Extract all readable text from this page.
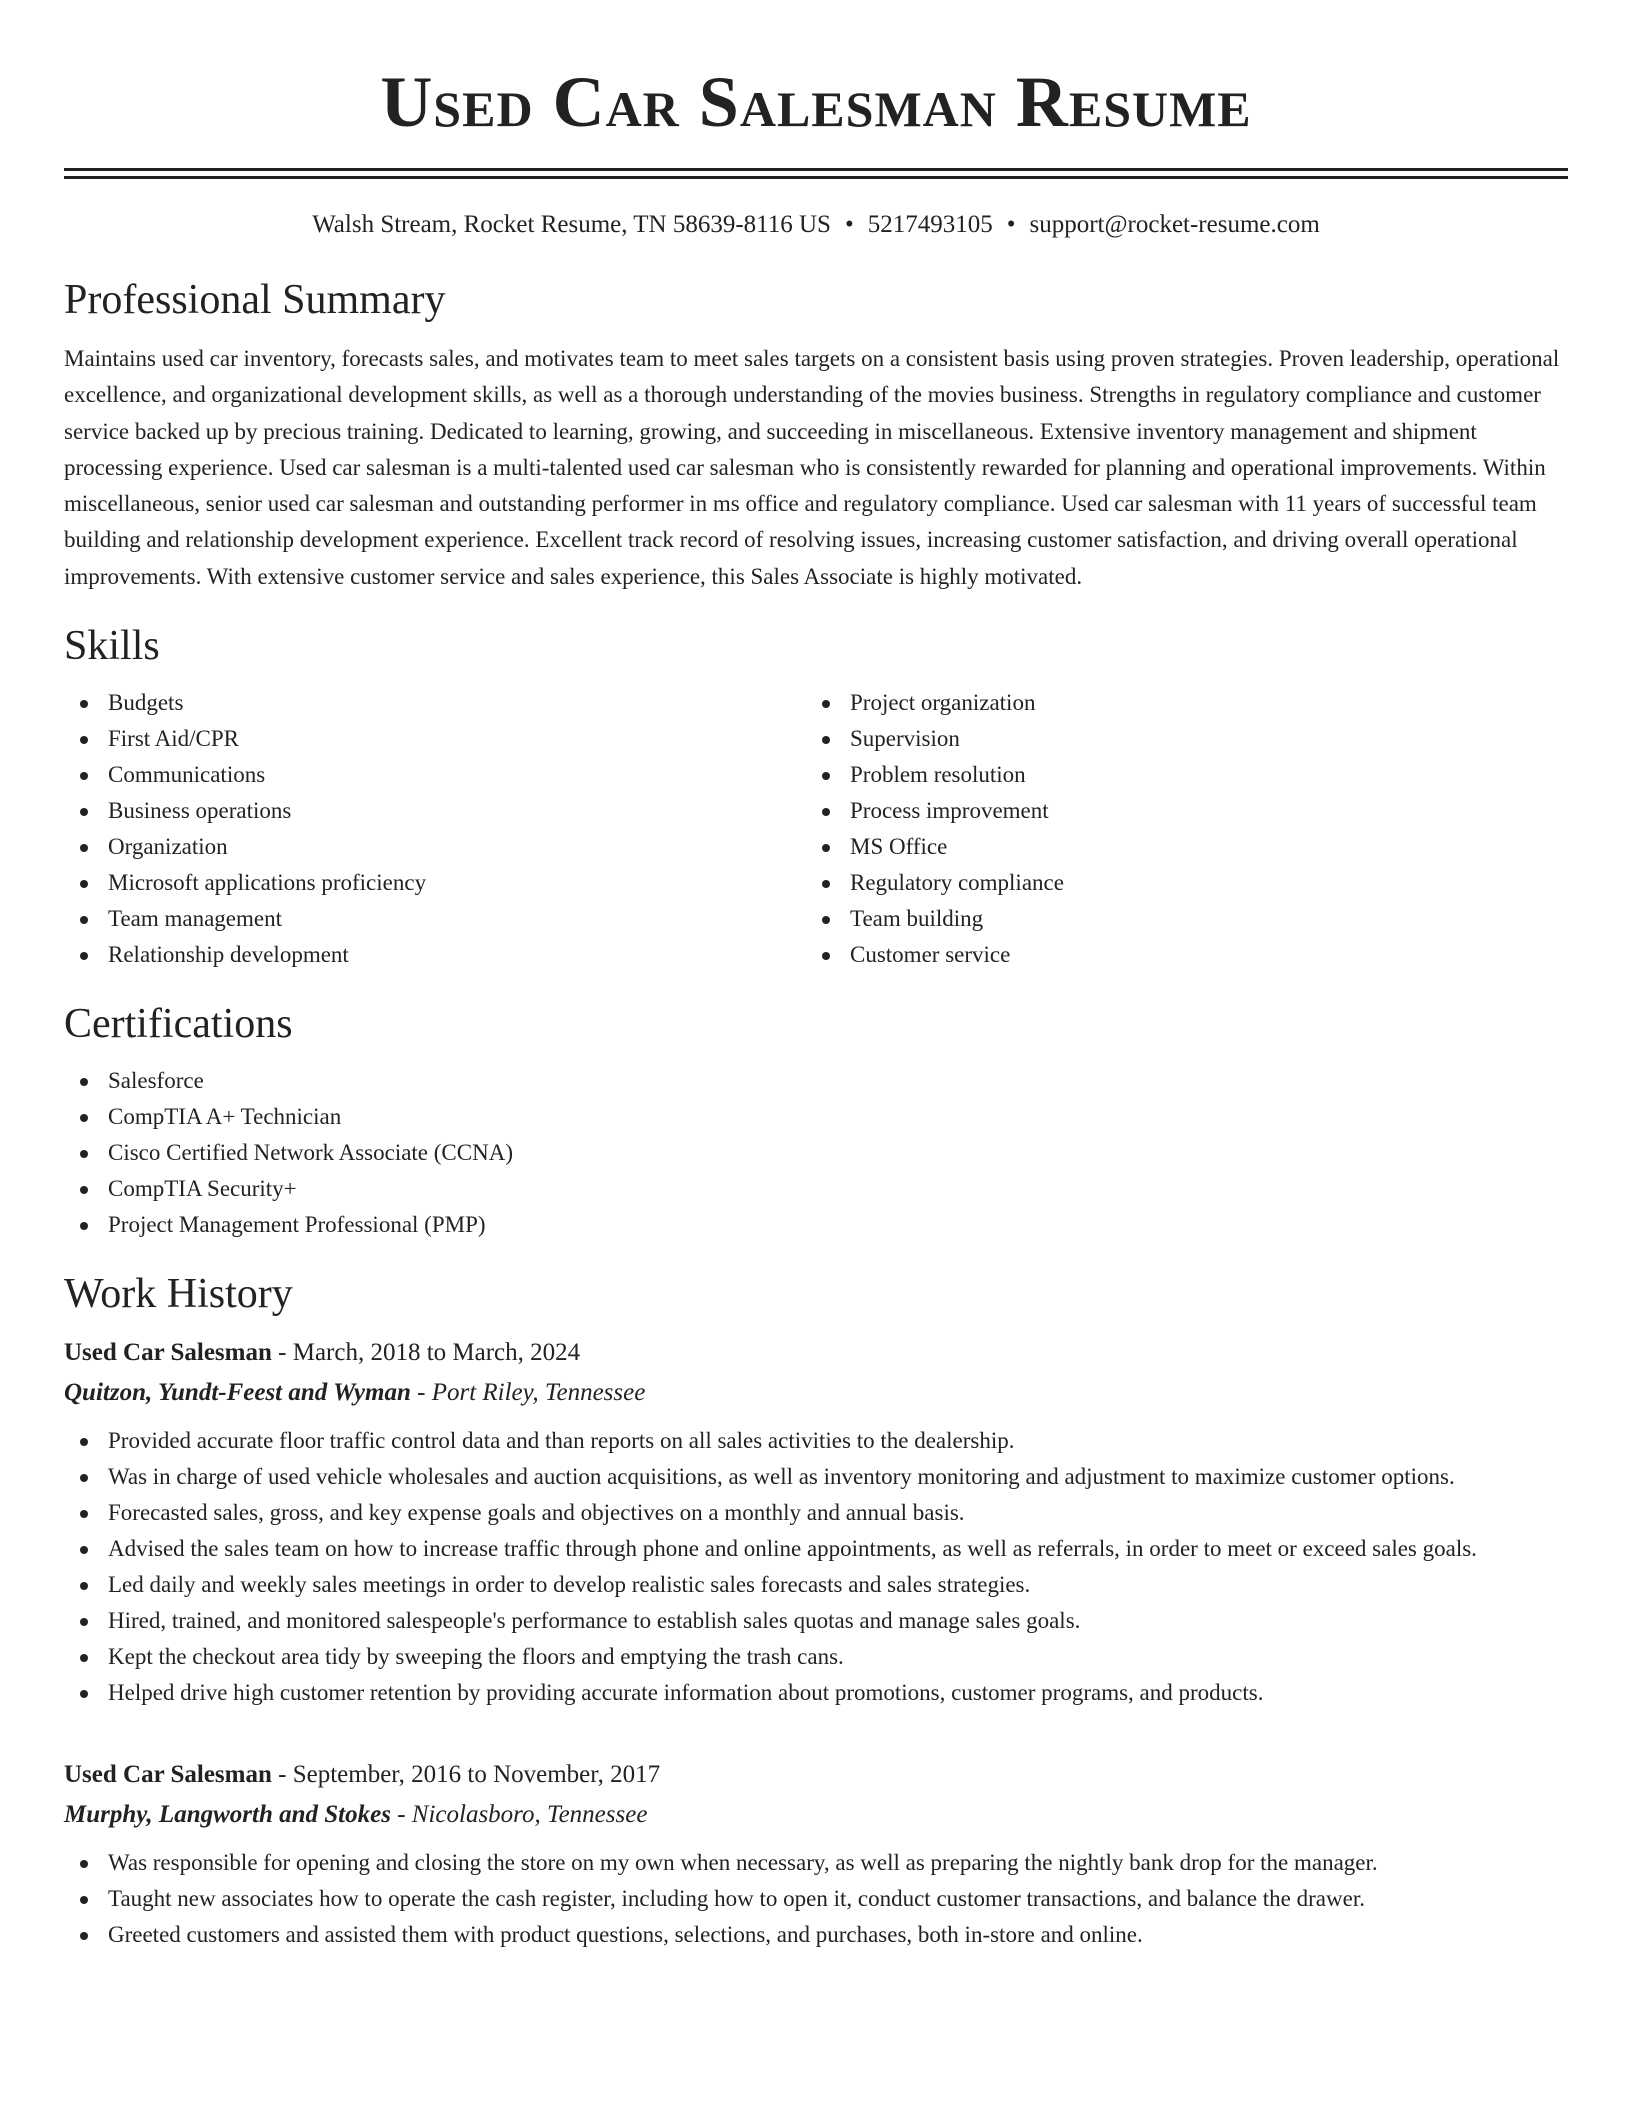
Used Car Salesman Resume
Walsh Stream, Rocket Resume, TN 58639-8116 US • 5217493105 • support@rocket-resume.com
Professional Summary

Maintains used car inventory, forecasts sales, and motivates team to meet sales targets on a consistent basis using proven strategies. Proven leadership, operational excellence, and organizational development skills, as well as a thorough understanding of the movies business. Strengths in regulatory compliance and customer service backed up by precious training. Dedicated to learning, growing, and succeeding in miscellaneous. Extensive inventory management and shipment processing experience. Used car salesman is a multi-talented used car salesman who is consistently rewarded for planning and operational improvements. Within miscellaneous, senior used car salesman and outstanding performer in ms office and regulatory compliance. Used car salesman with 11 years of successful team building and relationship development experience. Excellent track record of resolving issues, increasing customer satisfaction, and driving overall operational improvements. With extensive customer service and sales experience, this Sales Associate is highly motivated.

Skills
Budgets
First Aid/CPR
Communications
Business operations
Organization
Microsoft applications proficiency
Team management
Relationship development
Project organization
Supervision
Problem resolution
Process improvement
MS Office
Regulatory compliance
Team building
Customer service
Certifications
Salesforce
CompTIA A+ Technician
Cisco Certified Network Associate (CCNA)
CompTIA Security+
Project Management Professional (PMP)
Work History
Used Car Salesman - March, 2018 to March, 2024
Quitzon, Yundt-Feest and Wyman - Port Riley, Tennessee
Provided accurate floor traffic control data and than reports on all sales activities to the dealership.
Was in charge of used vehicle wholesales and auction acquisitions, as well as inventory monitoring and adjustment to maximize customer options.
Forecasted sales, gross, and key expense goals and objectives on a monthly and annual basis.
Advised the sales team on how to increase traffic through phone and online appointments, as well as referrals, in order to meet or exceed sales goals.
Led daily and weekly sales meetings in order to develop realistic sales forecasts and sales strategies.
Hired, trained, and monitored salespeople's performance to establish sales quotas and manage sales goals.
Kept the checkout area tidy by sweeping the floors and emptying the trash cans.
Helped drive high customer retention by providing accurate information about promotions, customer programs, and products.
Used Car Salesman - September, 2016 to November, 2017
Murphy, Langworth and Stokes - Nicolasboro, Tennessee
Was responsible for opening and closing the store on my own when necessary, as well as preparing the nightly bank drop for the manager.
Taught new associates how to operate the cash register, including how to open it, conduct customer transactions, and balance the drawer.
Greeted customers and assisted them with product questions, selections, and purchases, both in-store and online.
